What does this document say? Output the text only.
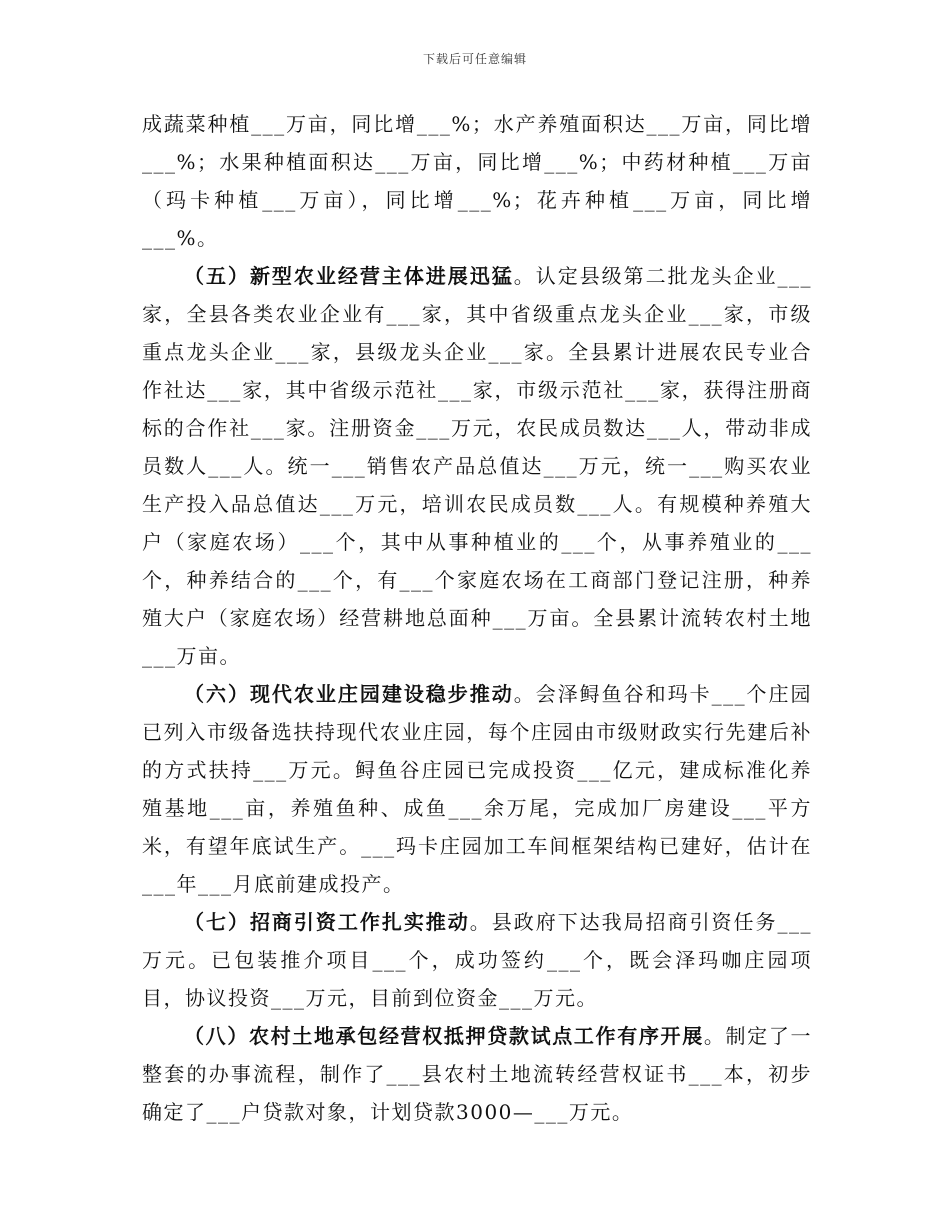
下载后可任意编辑

成蔬菜种植___万亩，同比增___%；水产养殖面积达___万亩，同比增___%；水果种植面积达___万亩，同比增___%；中药材种植___万亩（玛卡种植___万亩），同比增___%；花卉种植___万亩，同比增___%。

（五）新型农业经营主体进展迅猛。认定县级第二批龙头企业___家，全县各类农业企业有___家，其中省级重点龙头企业___家，市级重点龙头企业___家，县级龙头企业___家。全县累计进展农民专业合作社达___家，其中省级示范社___家，市级示范社___家，获得注册商标的合作社___家。注册资金___万元，农民成员数达___人，带动非成员数人___人。统一___销售农产品总值达___万元，统一___购买农业生产投入品总值达___万元，培训农民成员数___人。有规模种养殖大户（家庭农场）___个，其中从事种植业的___个，从事养殖业的___个，种养结合的___个，有___个家庭农场在工商部门登记注册，种养殖大户（家庭农场）经营耕地总面种___万亩。全县累计流转农村土地___万亩。

（六）现代农业庄园建设稳步推动。会泽鲟鱼谷和玛卡___个庄园已列入市级备选扶持现代农业庄园，每个庄园由市级财政实行先建后补的方式扶持___万元。鲟鱼谷庄园已完成投资___亿元，建成标准化养殖基地___亩，养殖鱼种、成鱼___余万尾，完成加厂房建设___平方米，有望年底试生产。___玛卡庄园加工车间框架结构已建好，估计在___年___月底前建成投产。

（七）招商引资工作扎实推动。县政府下达我局招商引资任务___万元。已包装推介项目___个，成功签约___个，既会泽玛咖庄园项目，协议投资___万元，目前到位资金___万元。

（八）农村土地承包经营权抵押贷款试点工作有序开展。制定了一整套的办事流程，制作了___县农村土地流转经营权证书___本，初步确定了___户贷款对象，计划贷款3000—___万元。
